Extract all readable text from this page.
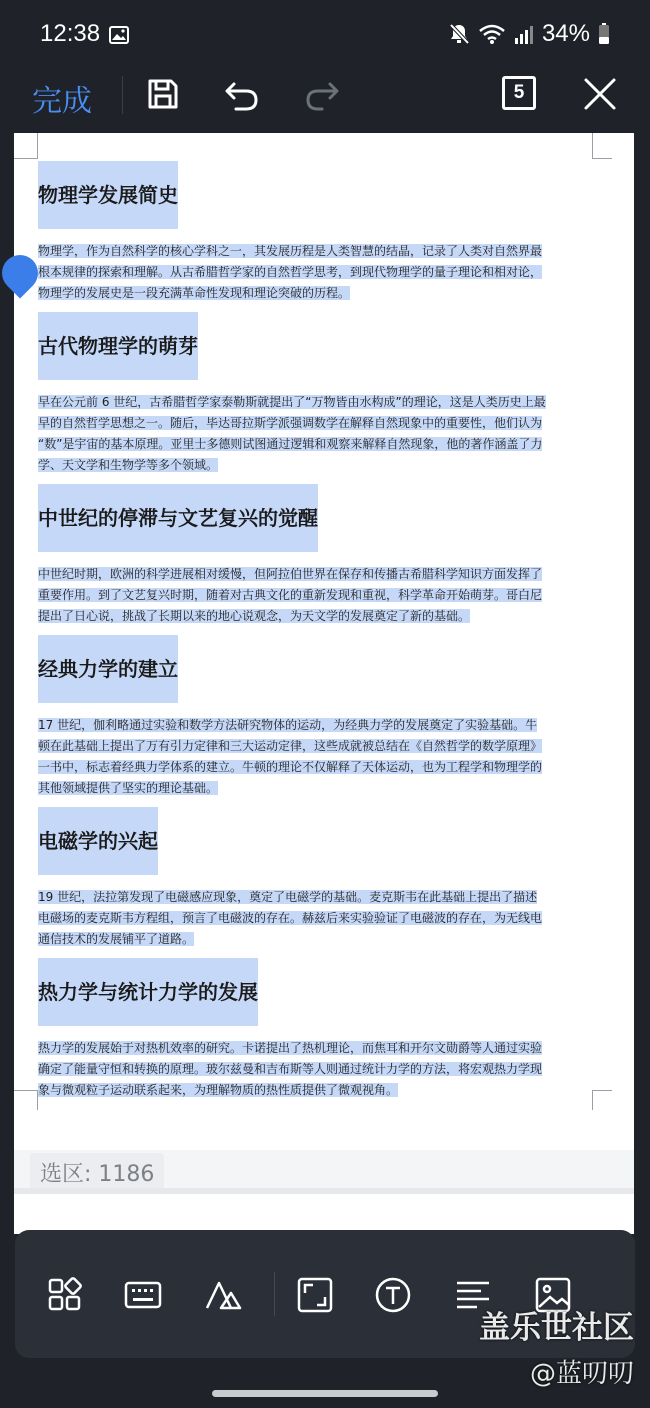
12:38	34%
完成	5
物理学发展简史
物理学，作为自然科学的核心学科之一，其发展历程是人类智慧的结晶，记录了人类对自然界最
根本规律的探索和理解。从古希腊哲学家的自然哲学思考，到现代物理学的量子理论和相对论，
物理学的发展史是一段充满革命性发现和理论突破的历程。
古代物理学的萌芽
早在公元前 6 世纪，古希腊哲学家泰勒斯就提出了“万物皆由水构成”的理论，这是人类历史上最
早的自然哲学思想之一。随后，毕达哥拉斯学派强调数学在解释自然现象中的重要性，他们认为
“数”是宇宙的基本原理。亚里士多德则试图通过逻辑和观察来解释自然现象，他的著作涵盖了力
学、天文学和生物学等多个领域。
中世纪的停滞与文艺复兴的觉醒
中世纪时期，欧洲的科学进展相对缓慢，但阿拉伯世界在保存和传播古希腊科学知识方面发挥了
重要作用。到了文艺复兴时期，随着对古典文化的重新发现和重视，科学革命开始萌芽。哥白尼
提出了日心说，挑战了长期以来的地心说观念，为天文学的发展奠定了新的基础。
经典力学的建立
17 世纪，伽利略通过实验和数学方法研究物体的运动，为经典力学的发展奠定了实验基础。牛
顿在此基础上提出了万有引力定律和三大运动定律，这些成就被总结在《自然哲学的数学原理》
一书中，标志着经典力学体系的建立。牛顿的理论不仅解释了天体运动，也为工程学和物理学的
其他领域提供了坚实的理论基础。
电磁学的兴起
19 世纪，法拉第发现了电磁感应现象，奠定了电磁学的基础。麦克斯韦在此基础上提出了描述
电磁场的麦克斯韦方程组，预言了电磁波的存在。赫兹后来实验验证了电磁波的存在，为无线电
通信技术的发展铺平了道路。
热力学与统计力学的发展
热力学的发展始于对热机效率的研究。卡诺提出了热机理论，而焦耳和开尔文勋爵等人通过实验
确定了能量守恒和转换的原理。玻尔兹曼和吉布斯等人则通过统计力学的方法，将宏观热力学现
象与微观粒子运动联系起来，为理解物质的热性质提供了微观视角。
选区: 1186
盖乐世社区
@蓝叨叨
